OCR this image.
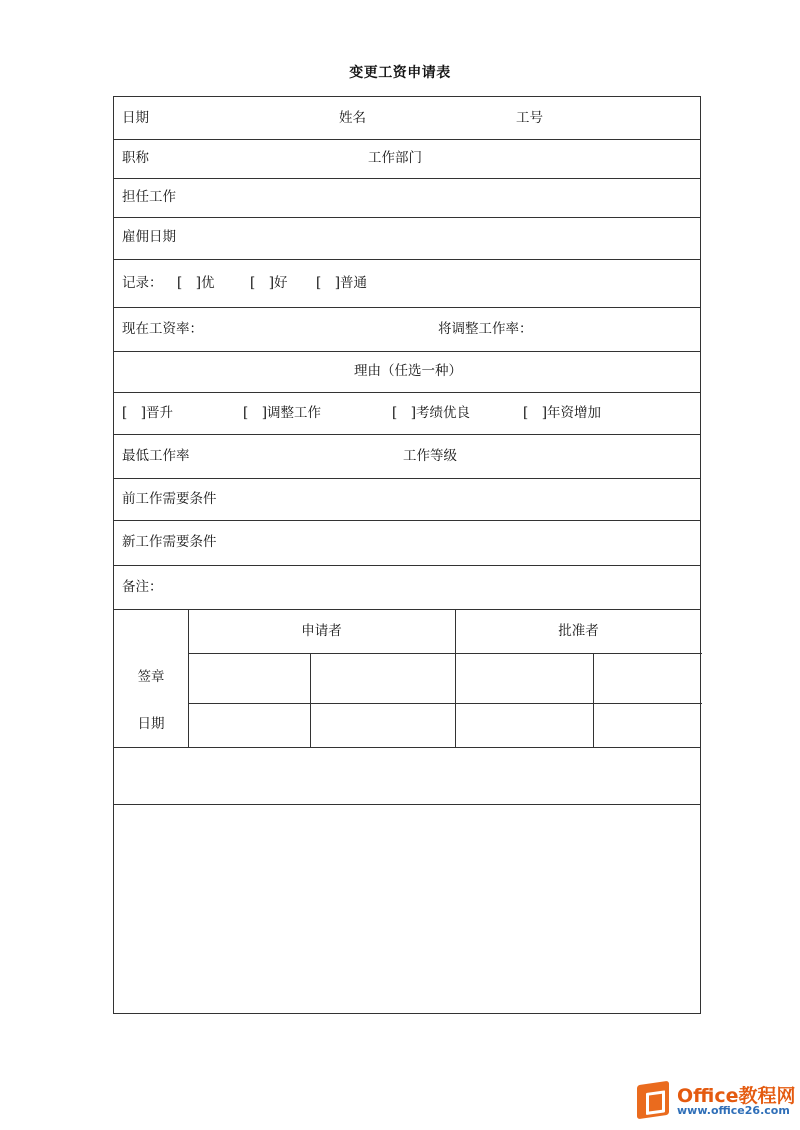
变更工资申请表
日期	姓名	工号
职称	工作部门
担任工作
雇佣日期
记录： [　]优	[　]好 [　]普通
现在工资率：	将调整工作率：
理由（任选一种）
[　]晋升	[　]调整工作	[　]考绩优良	[　]年资增加
最低工作率	工作等级
前工作需要条件
新工作需要条件
备注：
申请者	批准者
签章
日期
Office教程网
www.office26.com
